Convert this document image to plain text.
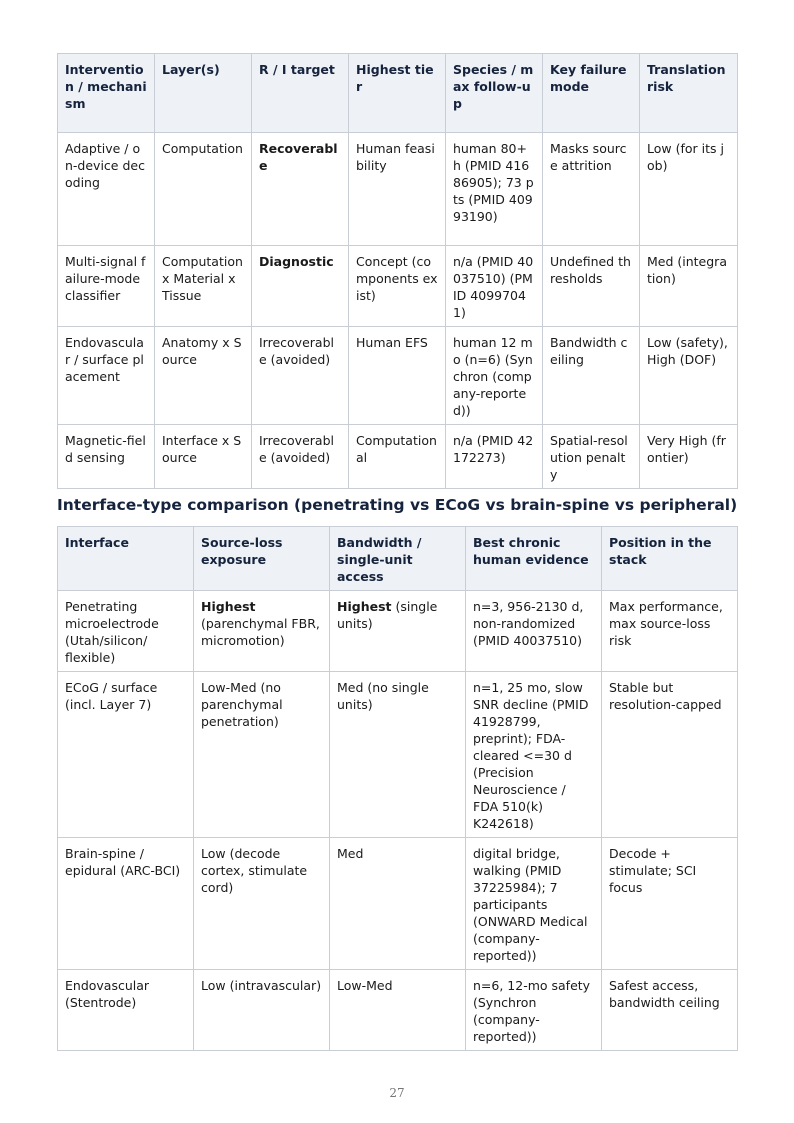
Intervention / mechanism	Layer(s)	R / I target	Highest tier	Species / max follow-up	Key failure mode	Translation risk
Adaptive / on-device decoding	Computation	Recoverable	Human feasibility	human 80+ h (PMID 41686905); 73 pts (PMID 40993190)	Masks source attrition	Low (for its job)
Multi-signal failure-mode classifier	Computation x Material x Tissue	Diagnostic	Concept (components exist)	n/a (PMID 40037510) (PMID 40997041)	Undefined thresholds	Med (integration)
Endovascular / surface placement	Anatomy x Source	Irrecoverable (avoided)	Human EFS	human 12 mo (n=6) (Synchron (company-reported))	Bandwidth ceiling	Low (safety), High (DOF)
Magnetic-field sensing	Interface x Source	Irrecoverable (avoided)	Computational	n/a (PMID 42172273)	Spatial-resolution penalty	Very High (frontier)
Interface-type comparison (penetrating vs ECoG vs brain-spine vs peripheral)
Interface	Source-loss exposure	Bandwidth / single-unit access	Best chronic human evidence	Position in the stack
Penetrating microelectrode (Utah/silicon/ flexible)	Highest (parenchymal FBR, micromotion)	Highest (single units)	n=3, 956-2130 d, non-randomized (PMID 40037510)	Max performance, max source-loss risk
ECoG / surface (incl. Layer 7)	Low-Med (no parenchymal penetration)	Med (no single units)	n=1, 25 mo, slow SNR decline (PMID 41928799, preprint); FDA-cleared <=30 d (Precision Neuroscience / FDA 510(k) K242618)	Stable but resolution-capped
Brain-spine / epidural (ARC-BCI)	Low (decode cortex, stimulate cord)	Med	digital bridge, walking (PMID 37225984); 7 participants (ONWARD Medical (company-reported))	Decode + stimulate; SCI focus
Endovascular (Stentrode)	Low (intravascular)	Low-Med	n=6, 12-mo safety (Synchron (company-reported))	Safest access, bandwidth ceiling
27
